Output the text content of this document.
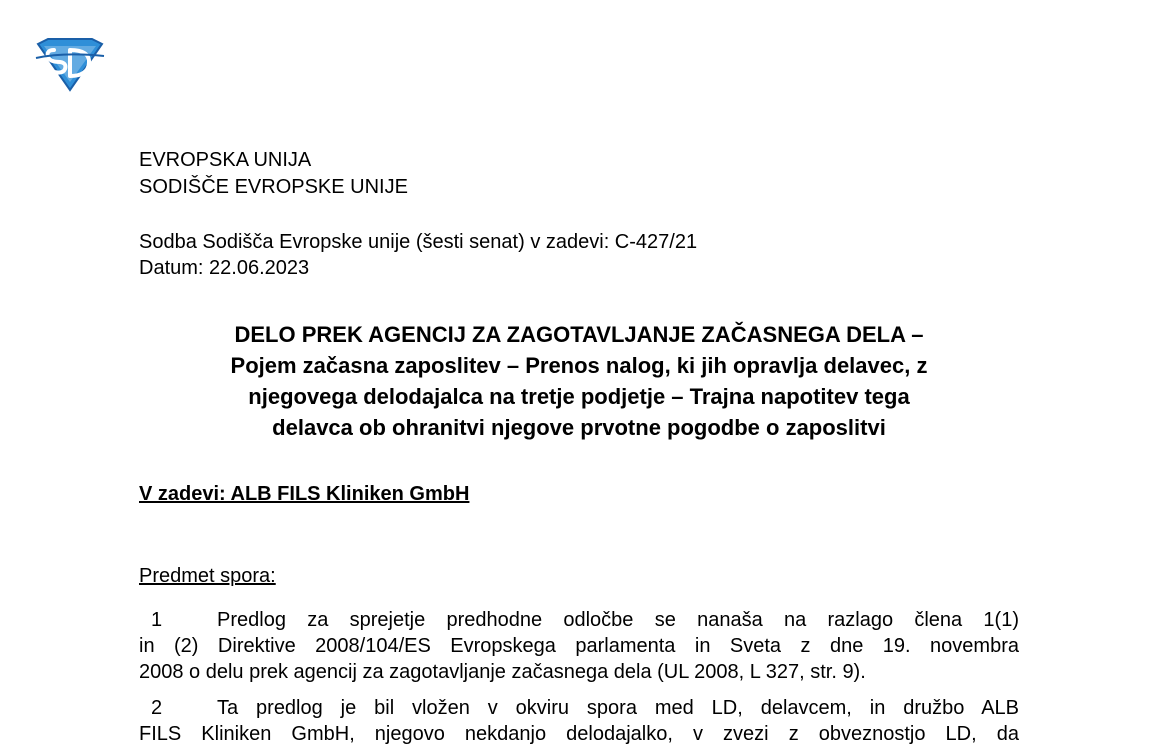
EVROPSKA UNIJA
SODIŠČE EVROPSKE UNIJE
Sodba Sodišča Evropske unije (šesti senat) v zadevi: C-427/21
Datum: 22.06.2023
DELO PREK AGENCIJ ZA ZAGOTAVLJANJE ZAČASNEGA DELA –
Pojem začasna zaposlitev – Prenos nalog, ki jih opravlja delavec, z
njegovega delodajalca na tretje podjetje – Trajna napotitev tega
delavca ob ohranitvi njegove prvotne pogodbe o zaposlitvi
V zadevi: ALB FILS Kliniken GmbH
Predmet spora:
1	Predlog za sprejetje predhodne odločbe se nanaša na razlago člena 1(1)
in (2) Direktive 2008/104/ES Evropskega parlamenta in Sveta z dne 19. novembra
2008 o delu prek agencij za zagotavljanje začasnega dela (UL 2008, L 327, str. 9).
2	Ta predlog je bil vložen v okviru spora med LD, delavcem, in družbo ALB
FILS Kliniken GmbH, njegovo nekdanjo delodajalko, v zvezi z obveznostjo LD, da
